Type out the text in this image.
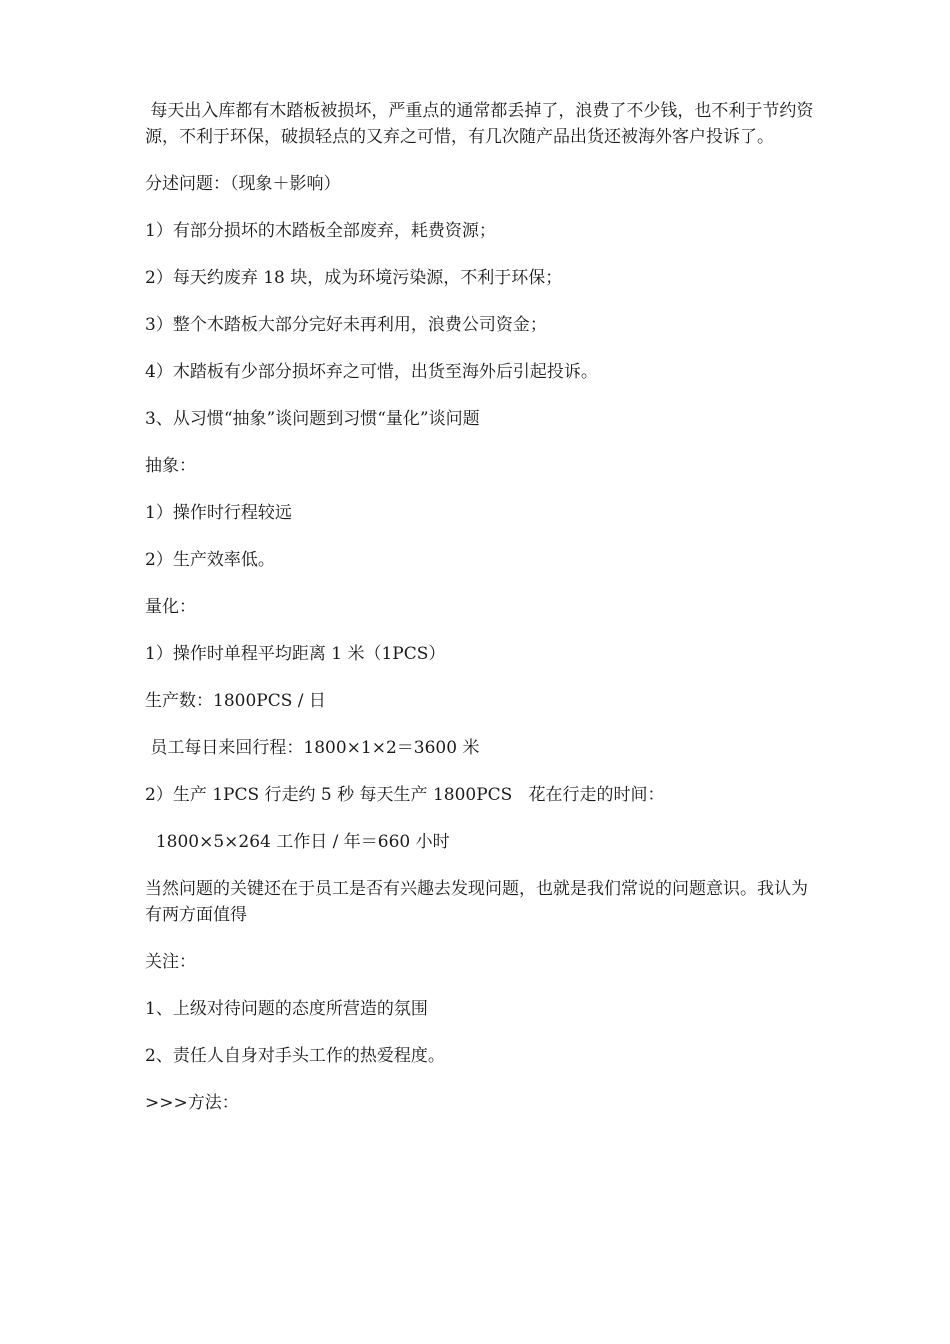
每天出入库都有木踏板被损坏，严重点的通常都丢掉了，浪费了不少钱，也不利于节约资源，不利于环保，破损轻点的又弃之可惜，有几次随产品出货还被海外客户投诉了。

分述问题：（现象＋影响）

1）有部分损坏的木踏板全部废弃，耗费资源；

2）每天约废弃 18 块，成为环境污染源，不利于环保；

3）整个木踏板大部分完好未再利用，浪费公司资金；

4）木踏板有少部分损坏弃之可惜，出货至海外后引起投诉。

3、从习惯“抽象”谈问题到习惯“量化”谈问题

抽象：

1）操作时行程较远

2）生产效率低。

量化：

1）操作时单程平均距离 1 米（1PCS）

生产数：1800PCS / 日

员工每日来回行程：1800×1×2＝3600 米

2）生产 1PCS 行走约 5 秒 每天生产 1800PCS   花在行走的时间：

1800×5×264 工作日 / 年＝660 小时

当然问题的关键还在于员工是否有兴趣去发现问题，也就是我们常说的问题意识。我认为有两方面值得

关注：

1、上级对待问题的态度所营造的氛围

2、责任人自身对手头工作的热爱程度。

>>>方法：
